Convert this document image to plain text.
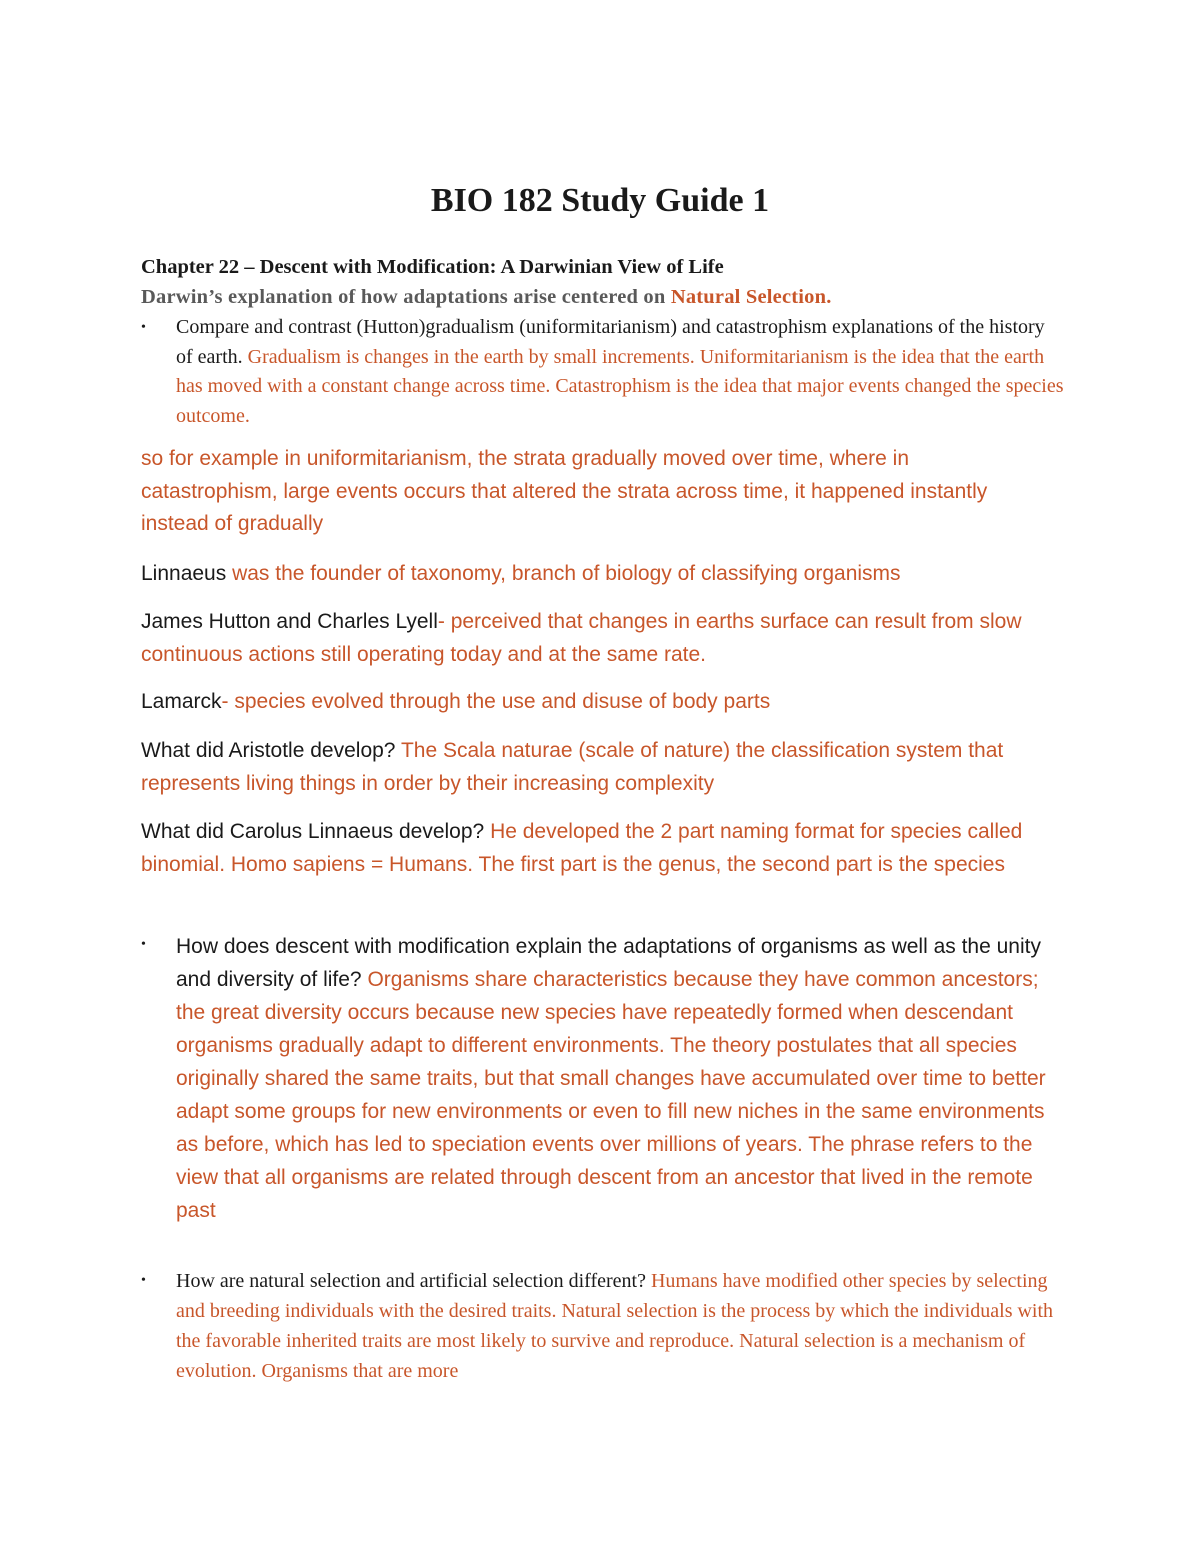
BIO 182 Study Guide 1

Chapter 22 – Descent with Modification: A Darwinian View of Life

Darwin’s explanation of how adaptations arise centered on Natural Selection.

• Compare and contrast (Hutton)gradualism (uniformitarianism) and catastrophism explanations of the history of earth. Gradualism is changes in the earth by small increments. Uniformitarianism is the idea that the earth has moved with a constant change across time. Catastrophism is the idea that major events changed the species outcome.

so for example in uniformitarianism, the strata gradually moved over time, where in catastrophism, large events occurs that altered the strata across time, it happened instantly instead of gradually

Linnaeus was the founder of taxonomy, branch of biology of classifying organisms

James Hutton and Charles Lyell- perceived that changes in earths surface can result from slow continuous actions still operating today and at the same rate.

Lamarck- species evolved through the use and disuse of body parts

What did Aristotle develop? The Scala naturae (scale of nature) the classification system that represents living things in order by their increasing complexity

What did Carolus Linnaeus develop? He developed the 2 part naming format for species called binomial. Homo sapiens = Humans. The first part is the genus, the second part is the species

• How does descent with modification explain the adaptations of organisms as well as the unity and diversity of life? Organisms share characteristics because they have common ancestors; the great diversity occurs because new species have repeatedly formed when descendant organisms gradually adapt to different environments. The theory postulates that all species originally shared the same traits, but that small changes have accumulated over time to better adapt some groups for new environments or even to fill new niches in the same environments as before, which has led to speciation events over millions of years. The phrase refers to the view that all organisms are related through descent from an ancestor that lived in the remote past

• How are natural selection and artificial selection different? Humans have modified other species by selecting and breeding individuals with the desired traits. Natural selection is the process by which the individuals with the favorable inherited traits are most likely to survive and reproduce. Natural selection is a mechanism of evolution. Organisms that are more
